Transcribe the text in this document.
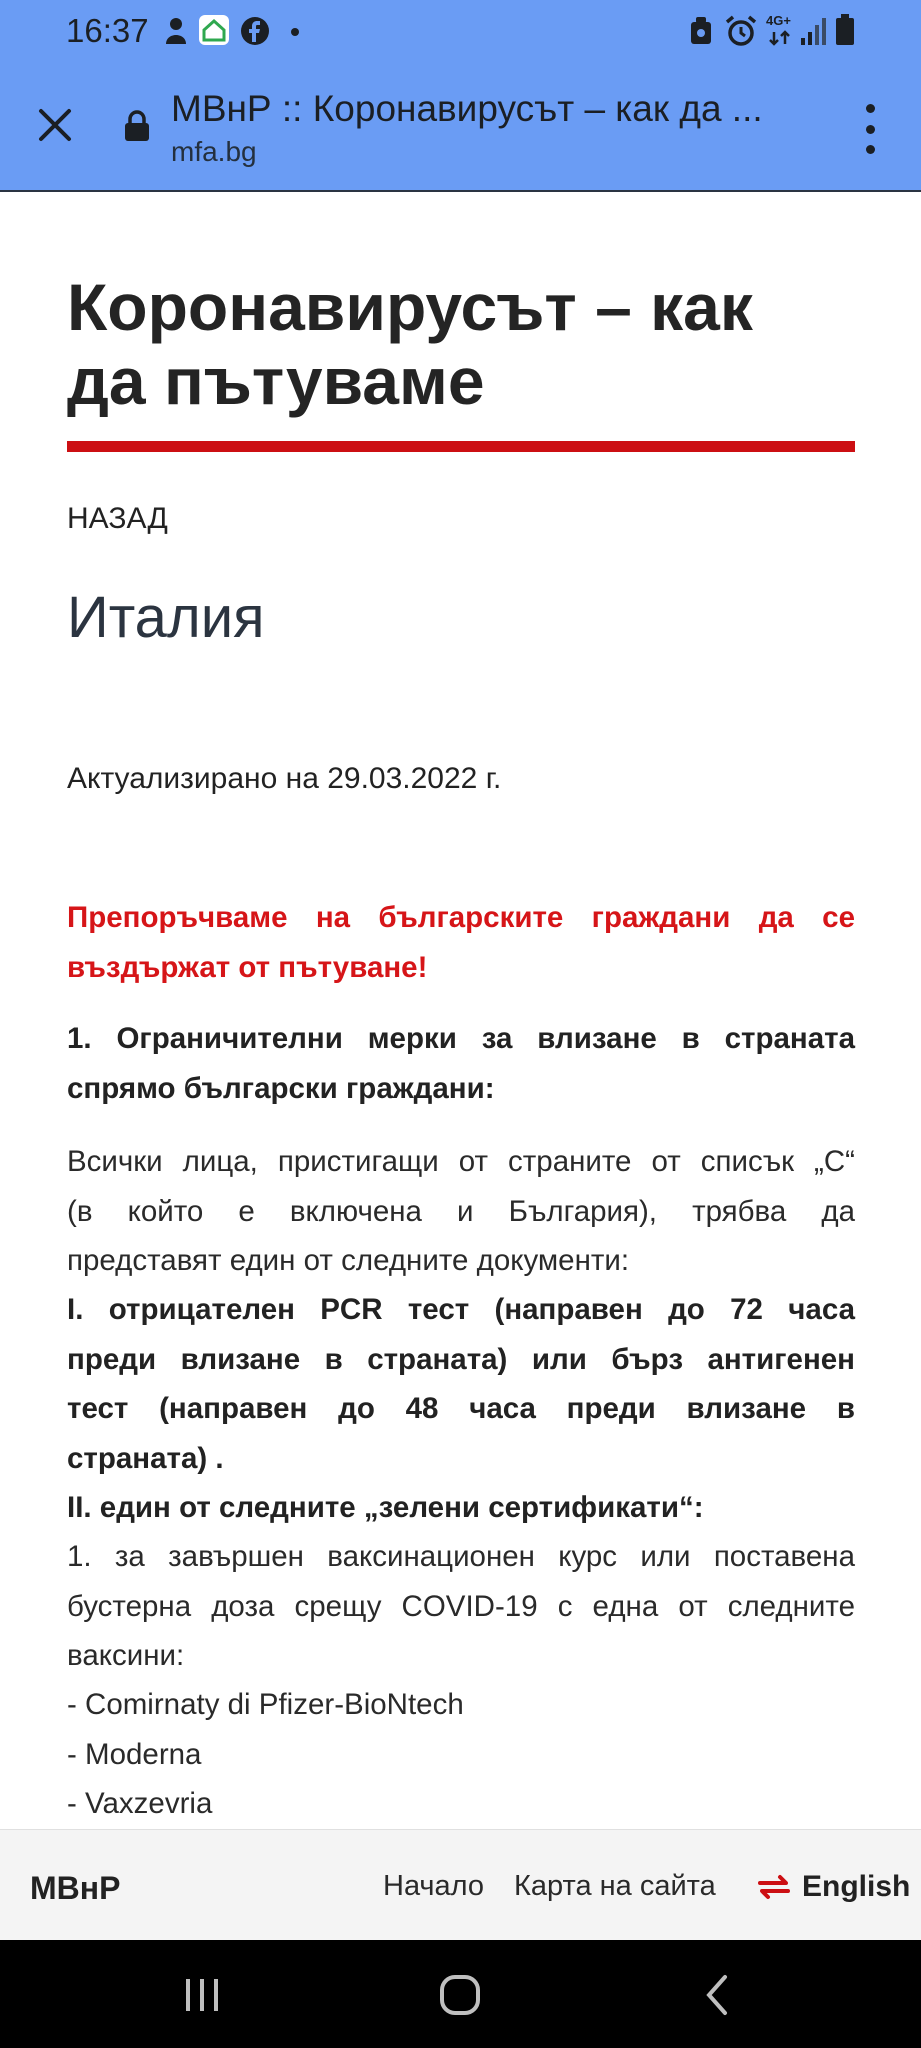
16:37	4G+
МВнР :: Коронавирусът – как да ...
mfa.bg
Коронавирусът – как
да пътуваме
НАЗАД
Италия
Актуализирано на 29.03.2022 г.

Препоръчваме на българските граждани да се
въздържат от пътуване!

1. Ограничителни мерки за влизане в страната
спрямо български граждани:

Всички лица, пристигащи от страните от списък „C“
(в който е включена и България), трябва да
представят един от следните документи:

I. отрицателен PCR тест (направен до 72 часа
преди влизане в страната) или бърз антигенен
тест (направен до 48 часа преди влизане в
страната) .

II. един от следните „зелени сертификати“:

1. за завършен ваксинационен курс или поставена
бустерна доза срещу COVID-19 с една от следните
ваксини:

- Comirnaty di Pfizer-BioNtech
- Moderna
- Vaxzevria

МВнР	Начало Карта на сайта	English
